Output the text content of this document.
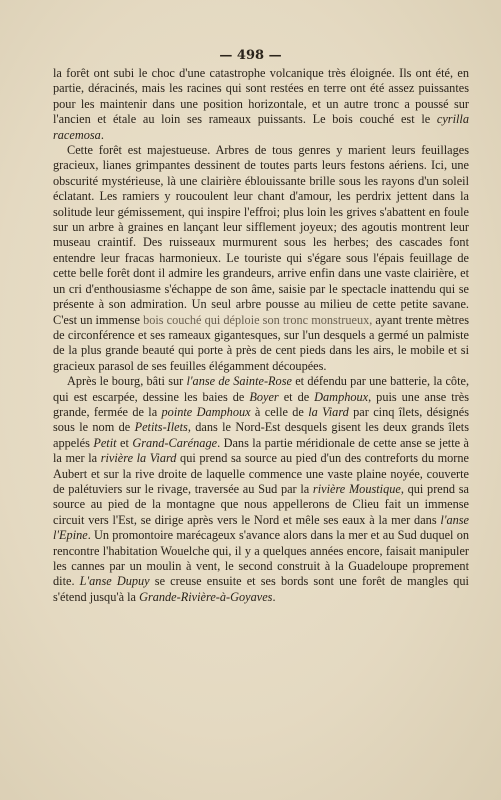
— 498 —

la forêt ont subi le choc d'une catastrophe volcanique très éloignée. Ils ont été, en partie, déracinés, mais les racines qui sont restées en terre ont été assez puissantes pour les maintenir dans une position horizontale, et un autre tronc a poussé sur l'ancien et étale au loin ses rameaux puissants. Le bois couché est le cyrilla racemosa.

Cette forêt est majestueuse. Arbres de tous genres y marient leurs feuillages gracieux, lianes grimpantes dessinent de toutes parts leurs festons aériens. Ici, une obscurité mystérieuse, là une clairière éblouissante brille sous les rayons d'un soleil éclatant. Les ramiers y roucoulent leur chant d'amour, les perdrix jettent dans la solitude leur gémissement, qui inspire l'effroi; plus loin les grives s'abattent en foule sur un arbre à graines en lançant leur sifflement joyeux; des agoutis montrent leur museau craintif. Des ruisseaux murmurent sous les herbes; des cascades font entendre leur fracas harmonieux. Le touriste qui s'égare sous l'épais feuillage de cette belle forêt dont il admire les grandeurs, arrive enfin dans une vaste clairière, et un cri d'enthousiasme s'échappe de son âme, saisie par le spectacle inattendu qui se présente à son admiration. Un seul arbre pousse au milieu de cette petite savane. C'est un immense bois couché qui déploie son tronc monstrueux, ayant trente mètres de circonférence et ses rameaux gigantesques, sur l'un desquels a germé un palmiste de la plus grande beauté qui porte à près de cent pieds dans les airs, le mobile et si gracieux parasol de ses feuilles élégamment découpées.

Après le bourg, bâti sur l'anse de Sainte-Rose et défendu par une batterie, la côte, qui est escarpée, dessine les baies de Boyer et de Damphoux, puis une anse très grande, fermée de la pointe Damphoux à celle de la Viard par cinq îlets, désignés sous le nom de Petits-Ilets, dans le Nord-Est desquels gisent les deux grands îlets appelés Petit et Grand-Carénage. Dans la partie méridionale de cette anse se jette à la mer la rivière la Viard qui prend sa source au pied d'un des contreforts du morne Aubert et sur la rive droite de laquelle commence une vaste plaine noyée, couverte de palétuviers sur le rivage, traversée au Sud par la rivière Moustique, qui prend sa source au pied de la montagne que nous appellerons de Clieu fait un immense circuit vers l'Est, se dirige après vers le Nord et mêle ses eaux à la mer dans l'anse l'Epine. Un promontoire marécageux s'avance alors dans la mer et au Sud duquel on rencontre l'habitation Wouelche qui, il y a quelques années encore, faisait manipuler les cannes par un moulin à vent, le second construit à la Guadeloupe proprement dite. L'anse Dupuy se creuse ensuite et ses bords sont une forêt de mangles qui s'étend jusqu'à la Grande-Rivière-à-Goyaves.
